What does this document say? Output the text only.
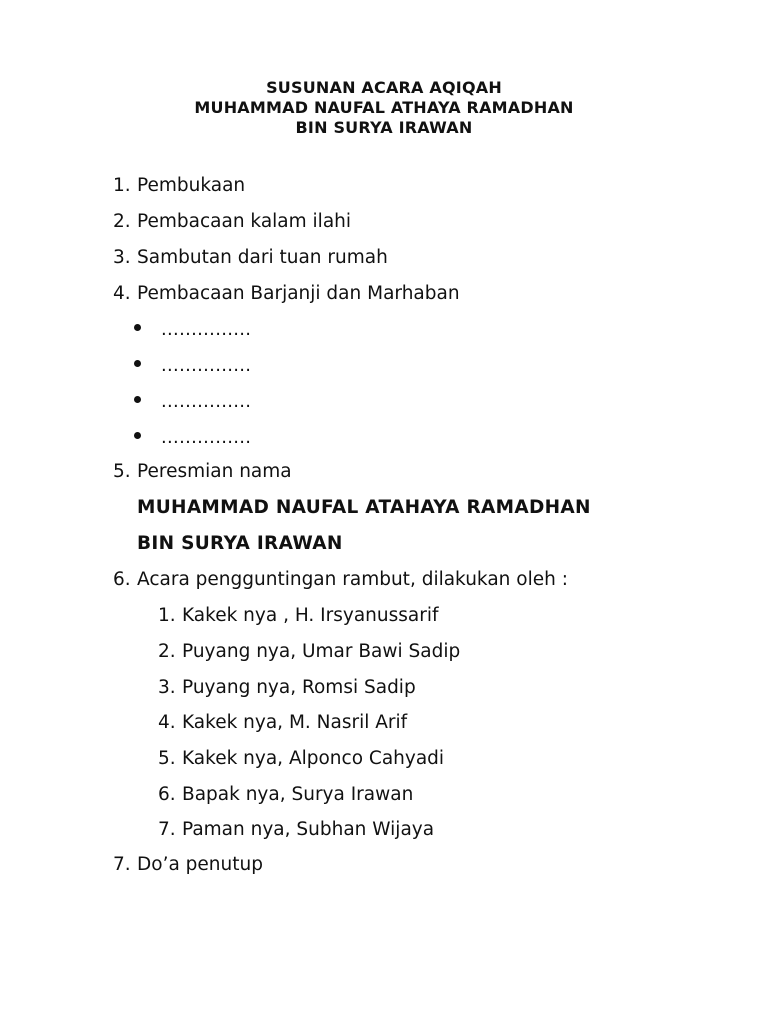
SUSUNAN ACARA AQIQAH
MUHAMMAD NAUFAL ATHAYA RAMADHAN
BIN SURYA IRAWAN
1. Pembukaan
2. Pembacaan kalam ilahi
3. Sambutan dari tuan rumah
4. Pembacaan Barjanji dan Marhaban
...............
...............
...............
...............
5. Peresmian nama
MUHAMMAD NAUFAL ATAHAYA RAMADHAN
BIN SURYA IRAWAN
6. Acara pengguntingan rambut, dilakukan oleh :
1. Kakek nya , H. Irsyanussarif
2. Puyang nya, Umar Bawi Sadip
3. Puyang nya, Romsi Sadip
4. Kakek nya, M. Nasril Arif
5. Kakek nya, Alponco Cahyadi
6. Bapak nya, Surya Irawan
7. Paman nya, Subhan Wijaya
7. Do’a penutup
